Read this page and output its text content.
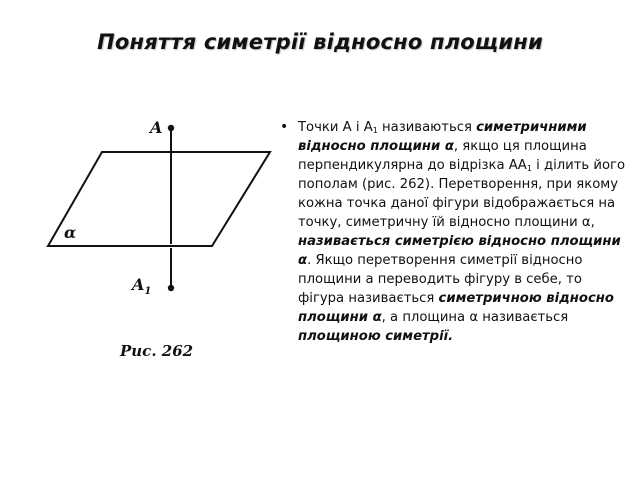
Поняття симетрії відносно площини
A
$A_1$
α
Рис. 262
• Точки А і $А_1$ називаються симетричними відносно площини α, якщо ця площина перпендикулярна до відрізка $АА_1$ і ділить його пополам (рис. 262). Перетворення, при якому кожна точка даної фігури відображається на точку, симетричну їй відносно площини α, називається симетрією відносно площини α. Якщо перетворення симетрії відносно площини а переводить фігуру в себе, то фігура називається симетричною відносно площини α, а площина α називається площиною симетрії.
